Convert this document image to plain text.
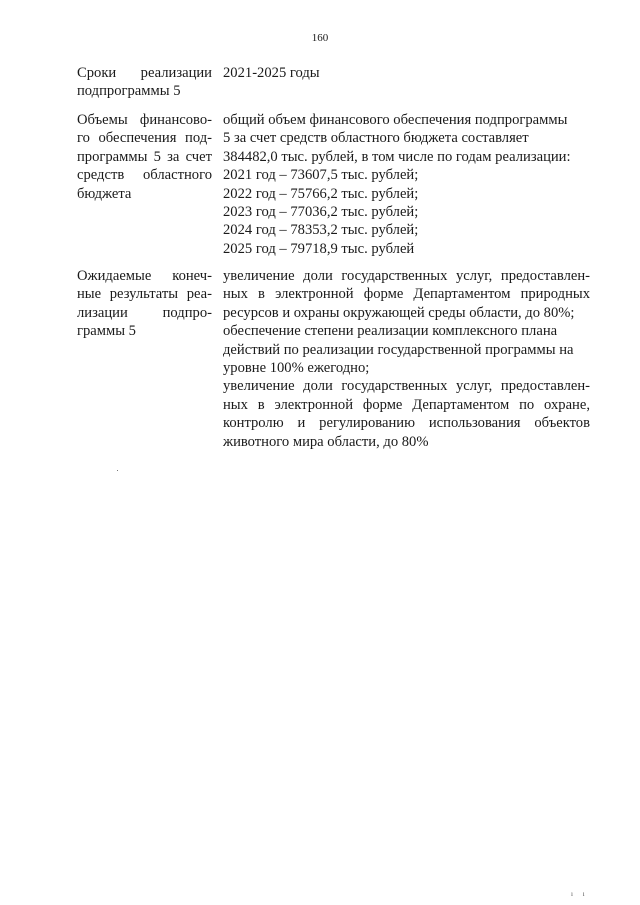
160
Сроки реализации
подпрограммы 5
2021-2025 годы
Объемы финансово-
го обеспечения под-
программы 5 за счет
средств областного
бюджета
общий объем финансового обеспечения подпрограммы
5 за счет средств областного бюджета составляет
384482,0 тыс. рублей, в том числе по годам реализации:
2021 год – 73607,5 тыс. рублей;
2022 год – 75766,2 тыс. рублей;
2023 год – 77036,2 тыс. рублей;
2024 год – 78353,2 тыс. рублей;
2025 год – 79718,9 тыс. рублей
Ожидаемые конеч-
ные результаты реа-
лизации подпро-
граммы 5
увеличение доли государственных услуг, предоставлен-
ных в электронной форме Департаментом природных
ресурсов и охраны окружающей среды области, до 80%;
обеспечение степени реализации комплексного плана
действий по реализации государственной программы на
уровне 100% ежегодно;
увеличение доли государственных услуг, предоставлен-
ных в электронной форме Департаментом по охране,
контролю и регулированию использования объектов
животного мира области, до 80%
ı ı
